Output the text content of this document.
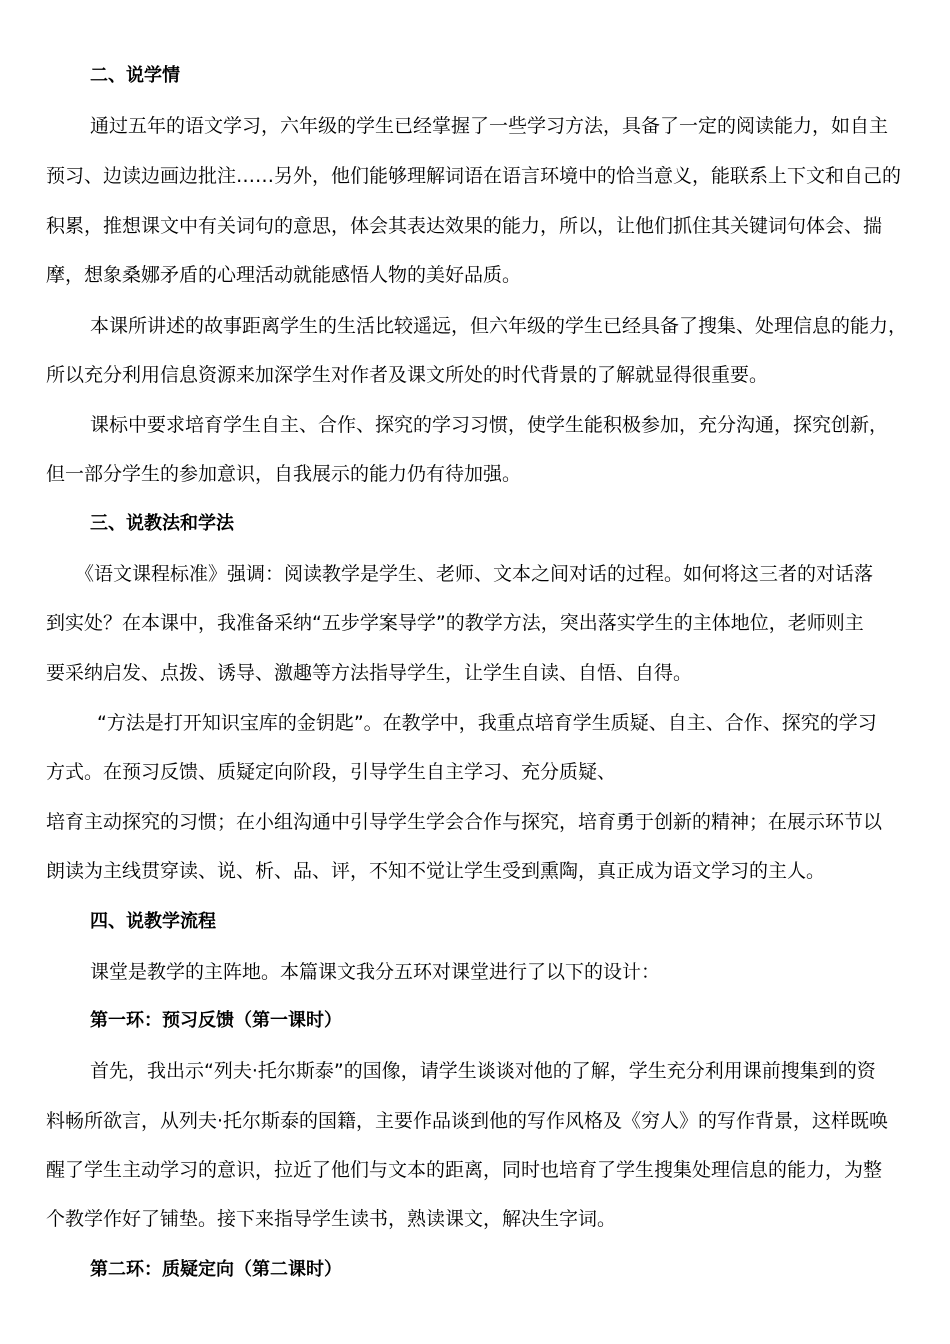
二、说学情

通过五年的语文学习，六年级的学生已经掌握了一些学习方法，具备了一定的阅读能力，如自主

预习、边读边画边批注……另外，他们能够理解词语在语言环境中的恰当意义，能联系上下文和自己的

积累，推想课文中有关词句的意思，体会其表达效果的能力，所以，让他们抓住其关键词句体会、揣

摩，想象桑娜矛盾的心理活动就能感悟人物的美好品质。

本课所讲述的故事距离学生的生活比较遥远，但六年级的学生已经具备了搜集、处理信息的能力，

所以充分利用信息资源来加深学生对作者及课文所处的时代背景的了解就显得很重要。

课标中要求培育学生自主、合作、探究的学习习惯，使学生能积极参加，充分沟通，探究创新，

但一部分学生的参加意识，自我展示的能力仍有待加强。

三、说教法和学法

《语文课程标准》强调：阅读教学是学生、老师、文本之间对话的过程。如何将这三者的对话落

到实处？在本课中，我准备采纳“五步学案导学”的教学方法，突出落实学生的主体地位，老师则主

要采纳启发、点拨、诱导、激趣等方法指导学生，让学生自读、自悟、自得。

“方法是打开知识宝库的金钥匙”。在教学中，我重点培育学生质疑、自主、合作、探究的学习

方式。在预习反馈、质疑定向阶段，引导学生自主学习、充分质疑、

培育主动探究的习惯；在小组沟通中引导学生学会合作与探究，培育勇于创新的精神；在展示环节以

朗读为主线贯穿读、说、析、品、评，不知不觉让学生受到熏陶，真正成为语文学习的主人。

四、说教学流程

课堂是教学的主阵地。本篇课文我分五环对课堂进行了以下的设计：

第一环：预习反馈（第一课时）

首先，我出示“列夫·托尔斯泰”的国像，请学生谈谈对他的了解，学生充分利用课前搜集到的资

料畅所欲言，从列夫·托尔斯泰的国籍，主要作品谈到他的写作风格及《穷人》的写作背景，这样既唤

醒了学生主动学习的意识，拉近了他们与文本的距离，同时也培育了学生搜集处理信息的能力，为整

个教学作好了铺垫。接下来指导学生读书，熟读课文，解决生字词。

第二环：质疑定向（第二课时）
